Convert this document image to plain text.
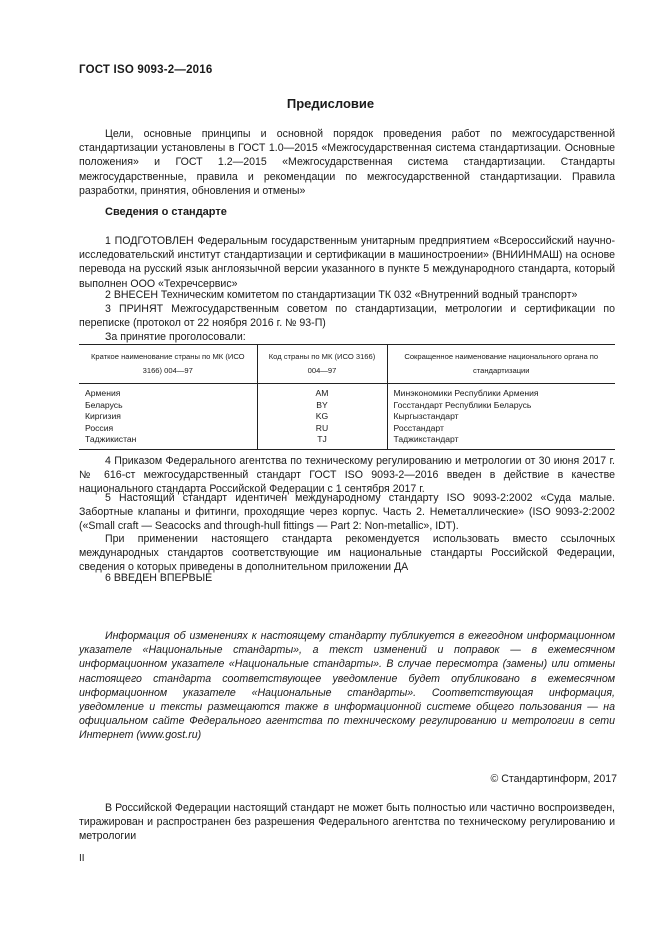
ГОСТ ISO 9093-2—2016
Предисловие
Цели, основные принципы и основной порядок проведения работ по межгосударственной стандартизации установлены в ГОСТ 1.0—2015 «Межгосударственная система стандартизации. Основные положения» и ГОСТ 1.2—2015 «Межгосударственная система стандартизации. Стандарты межгосударственные, правила и рекомендации по межгосударственной стандартизации. Правила разработки, принятия, обновления и отмены»
Сведения о стандарте
1 ПОДГОТОВЛЕН Федеральным государственным унитарным предприятием «Всероссийский научно-исследовательский институт стандартизации и сертификации в машиностроении» (ВНИИНМАШ) на основе перевода на русский язык англоязычной версии указанного в пункте 5 международного стандарта, который выполнен ООО «Техречсервис»
2 ВНЕСЕН Техническим комитетом по стандартизации ТК 032 «Внутренний водный транспорт»
3 ПРИНЯТ Межгосударственным советом по стандартизации, метрологии и сертификации по переписке (протокол от 22 ноября 2016 г. № 93-П)
За принятие проголосовали:
Краткое наименование страны по МК (ИСО 3166) 004—97	Код страны по МК (ИСО 3166) 004—97	Сокращенное наименование национального органа по стандартизации
Армения	AM	Минэкономики Республики Армения
Беларусь	BY	Госстандарт Республики Беларусь
Киргизия	KG	Кыргызстандарт
Россия	RU	Росстандарт
Таджикистан	TJ	Таджикстандарт
4 Приказом Федерального агентства по техническому регулированию и метрологии от 30 июня 2017 г. № 616-ст межгосударственный стандарт ГОСТ ISO 9093-2—2016 введен в действие в качестве национального стандарта Российской Федерации с 1 сентября 2017 г.
5 Настоящий стандарт идентичен международному стандарту ISO 9093-2:2002 «Суда малые. Забортные клапаны и фитинги, проходящие через корпус. Часть 2. Неметаллические» (ISO 9093-2:2002 («Small craft — Seacocks and through-hull fittings — Part 2: Non-metallic», IDT).
При применении настоящего стандарта рекомендуется использовать вместо ссылочных международных стандартов соответствующие им национальные стандарты Российской Федерации, сведения о которых приведены в дополнительном приложении ДА
6 ВВЕДЕН ВПЕРВЫЕ
Информация об изменениях к настоящему стандарту публикуется в ежегодном информационном указателе «Национальные стандарты», а текст изменений и поправок — в ежемесячном информационном указателе «Национальные стандарты». В случае пересмотра (замены) или отмены настоящего стандарта соответствующее уведомление будет опубликовано в ежемесячном информационном указателе «Национальные стандарты». Соответствующая информация, уведомление и тексты размещаются также в информационной системе общего пользования — на официальном сайте Федерального агентства по техническому регулированию и метрологии в сети Интернет (www.gost.ru)
© Стандартинформ, 2017
В Российской Федерации настоящий стандарт не может быть полностью или частично воспроизведен, тиражирован и распространен без разрешения Федерального агентства по техническому регулированию и метрологии
II
